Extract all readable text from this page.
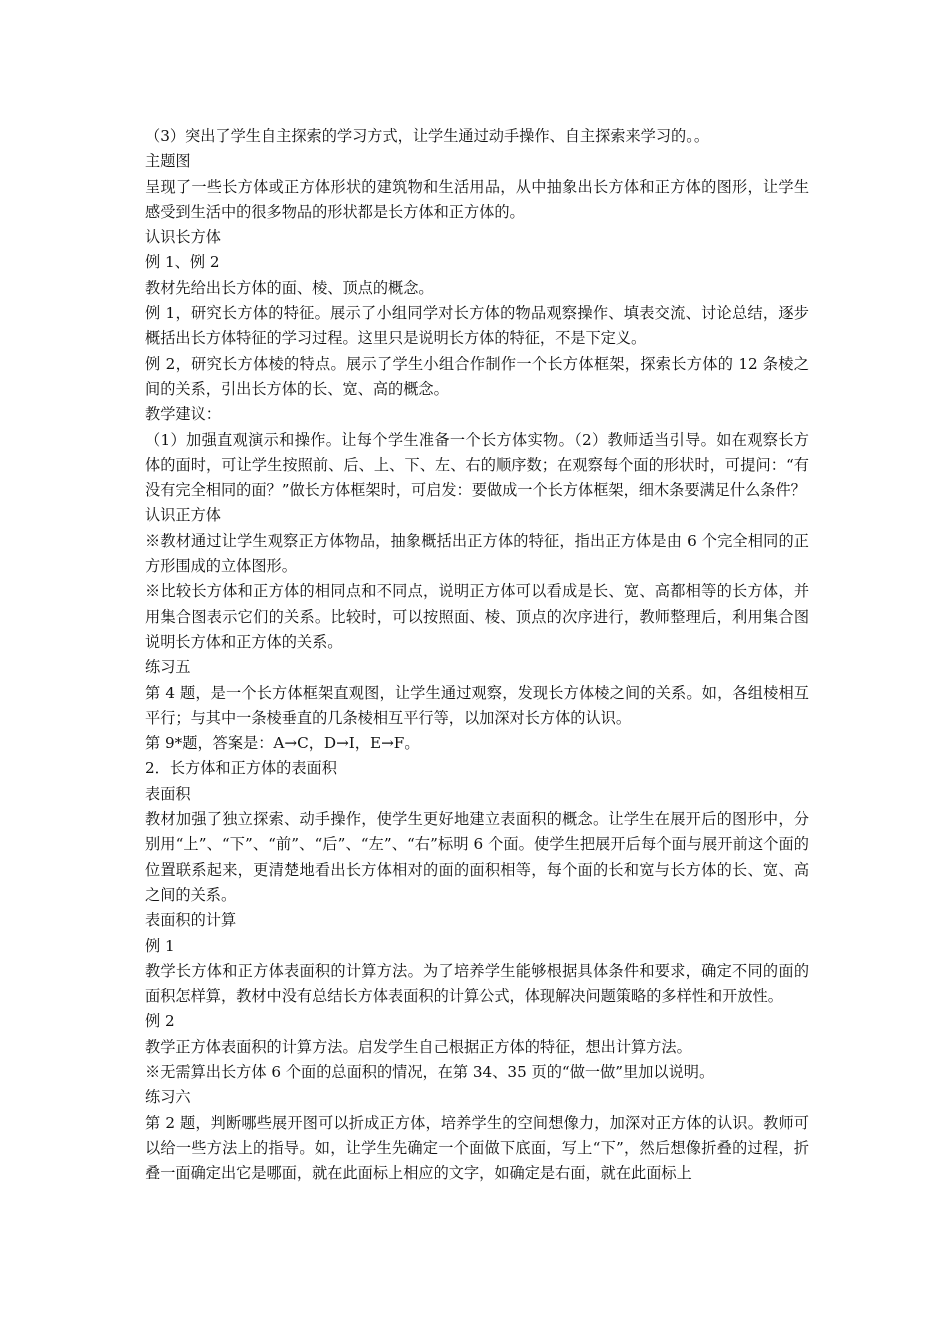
（3）突出了学生自主探索的学习方式，让学生通过动手操作、自主探索来学习的。。

主题图

呈现了一些长方体或正方体形状的建筑物和生活用品，从中抽象出长方体和正方体的图形，让学生感受到生活中的很多物品的形状都是长方体和正方体的。

认识长方体

例 1、例 2

教材先给出长方体的面、棱、顶点的概念。

例 1，研究长方体的特征。展示了小组同学对长方体的物品观察操作、填表交流、讨论总结，逐步概括出长方体特征的学习过程。这里只是说明长方体的特征，不是下定义。

例 2，研究长方体棱的特点。展示了学生小组合作制作一个长方体框架，探索长方体的 12 条棱之间的关系，引出长方体的长、宽、高的概念。

教学建议：

（1）加强直观演示和操作。让每个学生准备一个长方体实物。（2）教师适当引导。如在观察长方体的面时，可让学生按照前、后、上、下、左、右的顺序数；在观察每个面的形状时，可提问：“有没有完全相同的面？”做长方体框架时，可启发：要做成一个长方体框架，细木条要满足什么条件？

认识正方体

※教材通过让学生观察正方体物品，抽象概括出正方体的特征，指出正方体是由 6 个完全相同的正方形围成的立体图形。

※比较长方体和正方体的相同点和不同点，说明正方体可以看成是长、宽、高都相等的长方体，并用集合图表示它们的关系。比较时，可以按照面、棱、顶点的次序进行，教师整理后，利用集合图说明长方体和正方体的关系。

练习五

第 4 题，是一个长方体框架直观图，让学生通过观察，发现长方体棱之间的关系。如，各组棱相互平行；与其中一条棱垂直的几条棱相互平行等，以加深对长方体的认识。

第 9*题，答案是：A→C，D→I，E→F。

2．长方体和正方体的表面积

表面积

教材加强了独立探索、动手操作，使学生更好地建立表面积的概念。让学生在展开后的图形中，分别用“上”、“下”、“前”、“后”、“左”、“右”标明 6 个面。使学生把展开后每个面与展开前这个面的位置联系起来，更清楚地看出长方体相对的面的面积相等，每个面的长和宽与长方体的长、宽、高之间的关系。

表面积的计算

例 1

教学长方体和正方体表面积的计算方法。为了培养学生能够根据具体条件和要求，确定不同的面的面积怎样算，教材中没有总结长方体表面积的计算公式，体现解决问题策略的多样性和开放性。

例 2

教学正方体表面积的计算方法。启发学生自己根据正方体的特征，想出计算方法。

※无需算出长方体 6 个面的总面积的情况，在第 34、35 页的“做一做”里加以说明。

练习六

第 2 题，判断哪些展开图可以折成正方体，培养学生的空间想像力，加深对正方体的认识。教师可以给一些方法上的指导。如，让学生先确定一个面做下底面，写上“下”，然后想像折叠的过程，折叠一面确定出它是哪面，就在此面标上相应的文字，如确定是右面，就在此面标上
